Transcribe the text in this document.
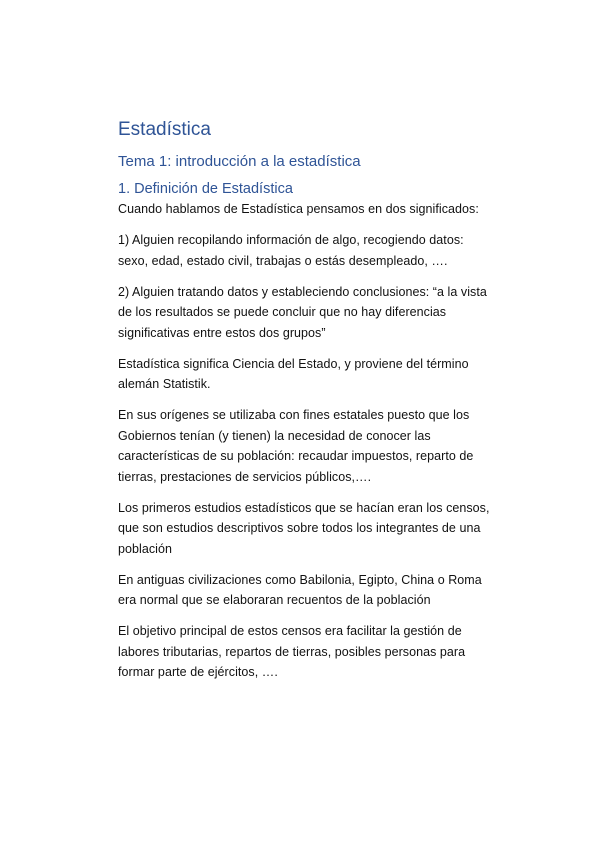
Estadística
Tema 1: introducción a la estadística
1. Definición de Estadística

Cuando hablamos de Estadística pensamos en dos significados:

1) Alguien recopilando información de algo, recogiendo datos: sexo, edad, estado civil, trabajas o estás desempleado, ….

2) Alguien tratando datos y estableciendo conclusiones: “a la vista de los resultados se puede concluir que no hay diferencias significativas entre estos dos grupos”

Estadística significa Ciencia del Estado, y proviene del término alemán Statistik.

En sus orígenes se utilizaba con fines estatales puesto que los Gobiernos tenían (y tienen) la necesidad de conocer las características de su población: recaudar impuestos, reparto de tierras, prestaciones de servicios públicos,….

Los primeros estudios estadísticos que se hacían eran los censos, que son estudios descriptivos sobre todos los integrantes de una población

En antiguas civilizaciones como Babilonia, Egipto, China o Roma era normal que se elaboraran recuentos de la población

El objetivo principal de estos censos era facilitar la gestión de labores tributarias, repartos de tierras, posibles personas para formar parte de ejércitos, ….
